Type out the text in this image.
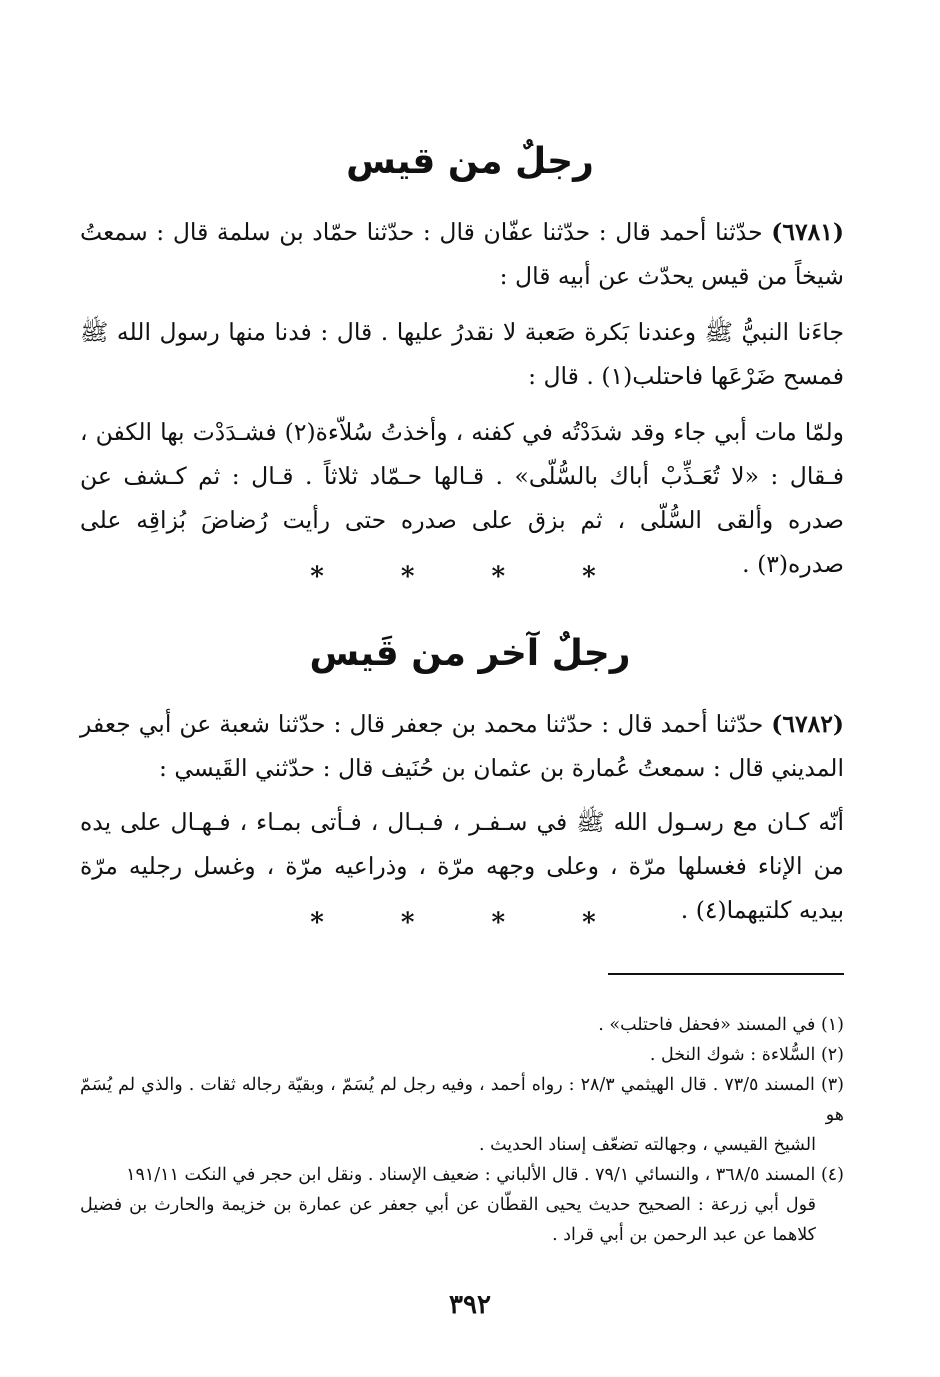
رجلٌ من قيس
(٦٧٨١) حدّثنا أحمد قال : حدّثنا عفّان قال : حدّثنا حمّاد بن سلمة قال : سمعتُ شيخاً من قيس يحدّث عن أبيه قال :
جاءَنا النبيُّ ﷺ وعندنا بَكرة صَعبة لا نقدرُ عليها . قال : فدنا منها رسول الله ﷺ فمسح ضَرْعَها فاحتلب(١) . قال :
ولمّا مات أبي جاء وقد شدَدْتُه في كفنه ، وأخذتُ سُلاّءة(٢) فشـدَدْت بها الكفن ، فـقال : «لا تُعَـذِّبْ أباك بالسُّلّى» . قـالها حـمّاد ثلاثاً . قـال : ثم كـشف عن صدره وألقى السُّلّى ، ثم بزق على صدره حتى رأيت رُضاضَ بُزاقِه على صدره(٣) .
* * * *
رجلٌ آخر من قَيس
(٦٧٨٢) حدّثنا أحمد قال : حدّثنا محمد بن جعفر قال : حدّثنا شعبة عن أبي جعفر المديني قال : سمعتُ عُمارة بن عثمان بن حُنَيف قال : حدّثني القَيسي :
أنّه كـان مع رسـول الله ﷺ في سـفـر ، فـبـال ، فـأتى بمـاء ، فـهـال على يده من الإناء فغسلها مرّة ، وعلى وجهه مرّة ، وذراعيه مرّة ، وغسل رجليه مرّة بيديه كلتيهما(٤) .
* * * *
(١) في المسند «فحفل فاحتلب» .
(٢) السُّلاءة : شوك النخل .
(٣) المسند ٧٣/٥ . قال الهيثمي ٢٨/٣ : رواه أحمد ، وفيه رجل لم يُسَمّ ، وبقيّة رجاله ثقات . والذي لم يُسَمّ هو
الشيخ القيسي ، وجهالته تضعّف إسناد الحديث .
(٤) المسند ٣٦٨/٥ ، والنسائي ٧٩/١ . قال الألباني : ضعيف الإسناد . ونقل ابن حجر في النكت ١٩١/١١
قول أبي زرعة : الصحيح حديث يحيى القطّان عن أبي جعفر عن عمارة بن خزيمة والحارث بن فضيل كلاهما عن عبد الرحمن بن أبي قراد .
٣٩٢
